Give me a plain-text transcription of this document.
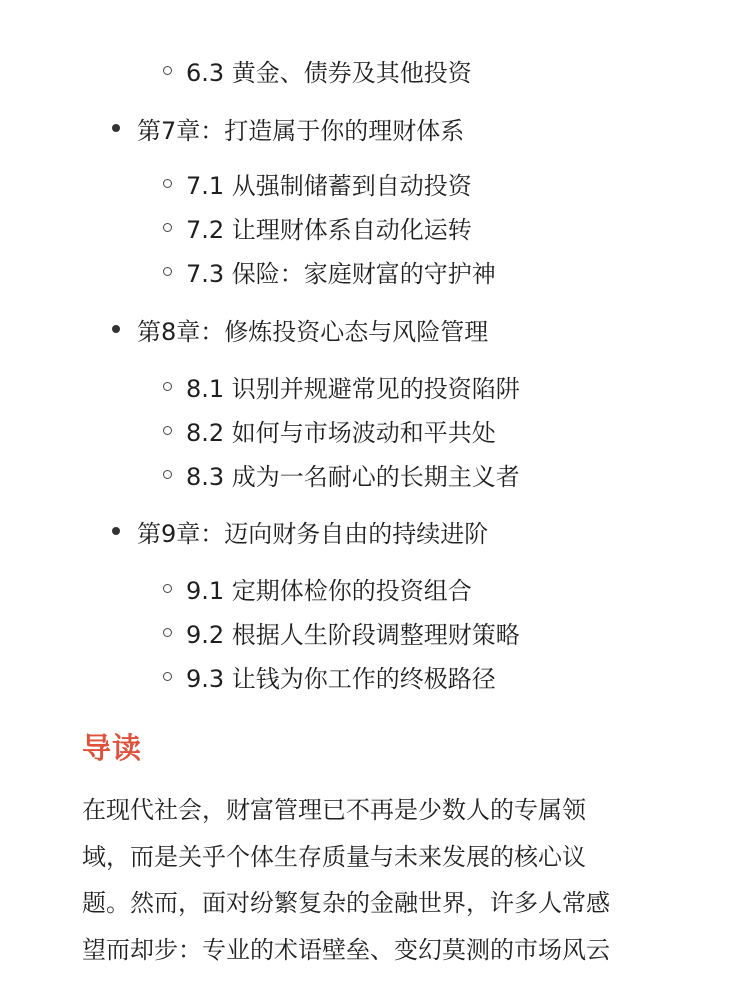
6.3 黄金、债券及其他投资
第7章：打造属于你的理财体系
7.1 从强制储蓄到自动投资
7.2 让理财体系自动化运转
7.3 保险：家庭财富的守护神
第8章：修炼投资心态与风险管理
8.1 识别并规避常见的投资陷阱
8.2 如何与市场波动和平共处
8.3 成为一名耐心的长期主义者
第9章：迈向财务自由的持续进阶
9.1 定期体检你的投资组合
9.2 根据人生阶段调整理财策略
9.3 让钱为你工作的终极路径
导读
在现代社会，财富管理已不再是少数人的专属领
域，而是关乎个体生存质量与未来发展的核心议
题。然而，面对纷繁复杂的金融世界，许多人常感
望而却步：专业的术语壁垒、变幻莫测的市场风云
